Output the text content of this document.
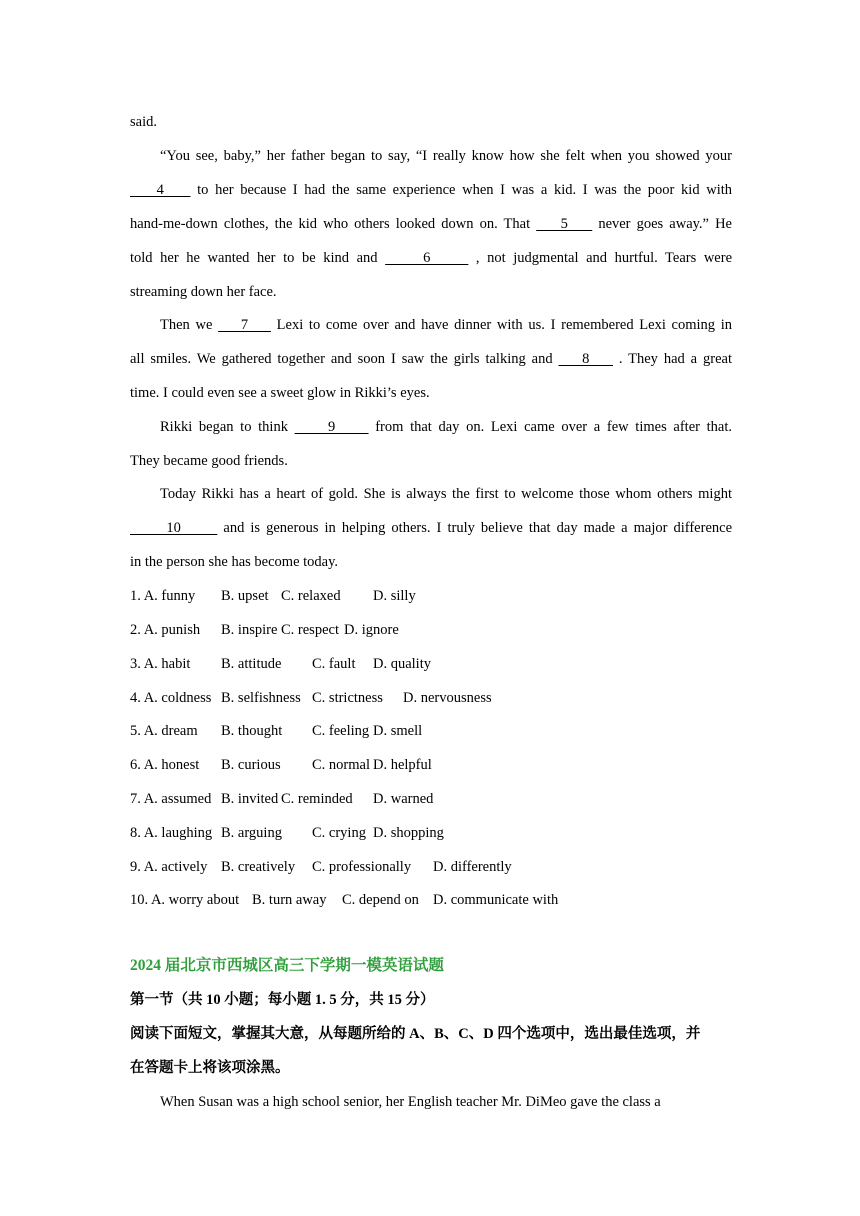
said.
“You see, baby,” her father began to say, “I really know how she felt when you showed your
4     to her because I had the same experience when I was a kid. I was the poor kid with
hand-me-down clothes, the kid who others looked down on. That     5     never goes away.” He
told her he wanted her to be kind and      6      , not judgmental and hurtful. Tears were
streaming down her face.
Then we     7     Lexi to come over and have dinner with us. I remembered Lexi coming in
all smiles. We gathered together and soon I saw the girls talking and     8     . They had a great
time. I could even see a sweet glow in Rikki’s eyes.
Rikki began to think      9      from that day on. Lexi came over a few times after that.
They became good friends.
Today Rikki has a heart of gold. She is always the first to welcome those whom others might
10       and is generous in helping others. I truly believe that day made a major difference
in the person she has become today.
1. A. funny B. upset C. relaxed D. silly
2. A. punish B. inspire C. respect D. ignore
3. A. habit B. attitude C. fault D. quality
4. A. coldness B. selfishness C. strictness D. nervousness
5. A. dream B. thought C. feeling D. smell
6. A. honest B. curious C. normal D. helpful
7. A. assumed B. invited C. reminded D. warned
8. A. laughing B. arguing C. crying D. shopping
9. A. actively B. creatively C. professionally D. differently
10. A. worry about B. turn away C. depend on D. communicate with
2024 届北京市西城区高三下学期一模英语试题
第一节（共 10 小题；每小题 1. 5 分，共 15 分）
阅读下面短文，掌握其大意，从每题所给的 A、B、C、D 四个选项中，选出最佳选项，并
在答题卡上将该项涂黑。
When Susan was a high school senior, her English teacher Mr. DiMeo gave the class a
